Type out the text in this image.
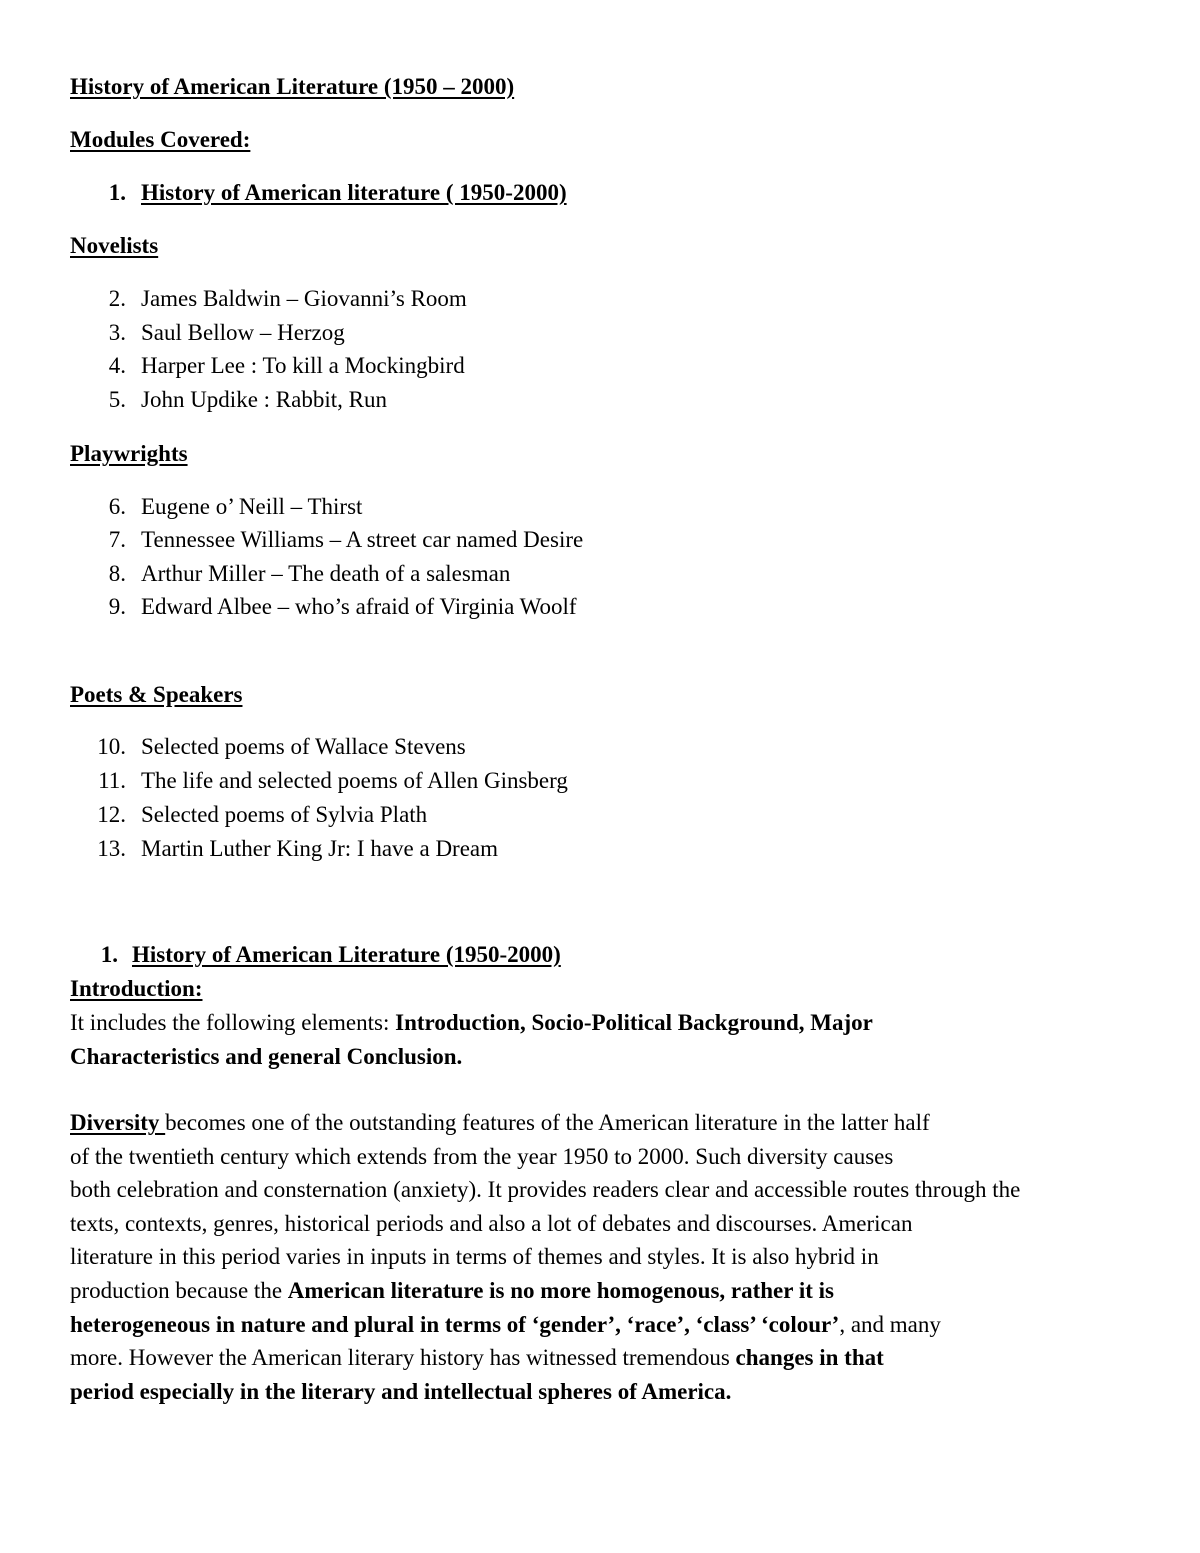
History of American Literature (1950 – 2000)
Modules Covered:
1. History of American literature ( 1950-2000)
Novelists
2. James Baldwin – Giovanni’s Room
3. Saul Bellow – Herzog
4. Harper Lee : To kill a Mockingbird
5. John Updike : Rabbit, Run
Playwrights
6. Eugene o’ Neill – Thirst
7. Tennessee Williams – A street car named Desire
8. Arthur Miller – The death of a salesman
9. Edward Albee – who’s afraid of Virginia Woolf
Poets & Speakers
10. Selected poems of Wallace Stevens
11. The life and selected poems of Allen Ginsberg
12. Selected poems of Sylvia Plath
13. Martin Luther King Jr: I have a Dream
1. History of American Literature (1950-2000)
Introduction:
It includes the following elements: Introduction, Socio-Political Background, Major
Characteristics and general Conclusion.
Diversity becomes one of the outstanding features of the American literature in the latter half
of the twentieth century which extends from the year 1950 to 2000. Such diversity causes
both celebration and consternation (anxiety). It provides readers clear and accessible routes through the
texts, contexts, genres, historical periods and also a lot of debates and discourses. American
literature in this period varies in inputs in terms of themes and styles. It is also hybrid in
production because the American literature is no more homogenous, rather it is
heterogeneous in nature and plural in terms of ‘gender’, ‘race’, ‘class’ ‘colour’, and many
more. However the American literary history has witnessed tremendous changes in that
period especially in the literary and intellectual spheres of America.
